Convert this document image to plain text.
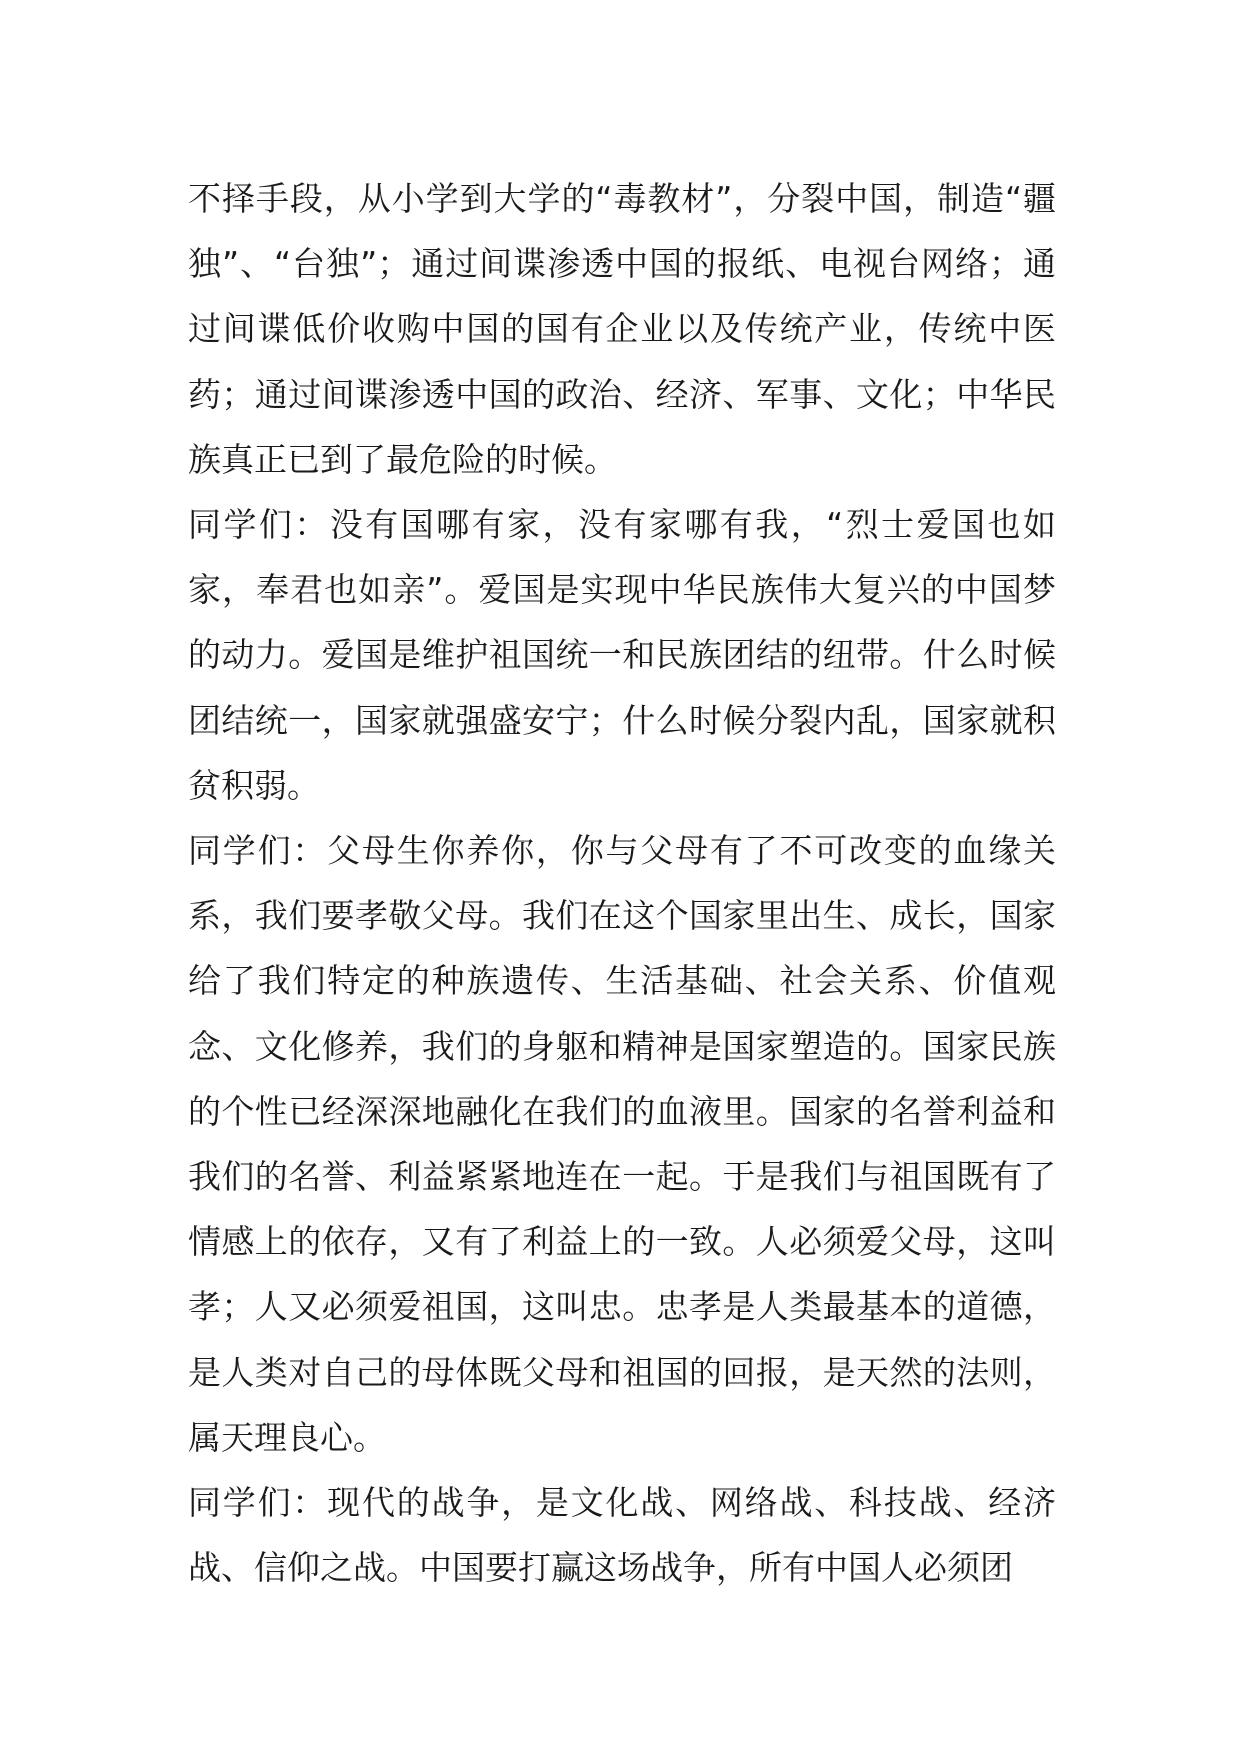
不择手段，从小学到大学的“毒教材”，分裂中国，制造“疆独”、“台独”；通过间谍渗透中国的报纸、电视台网络；通过间谍低价收购中国的国有企业以及传统产业，传统中医药；通过间谍渗透中国的政治、经济、军事、文化；中华民族真正已到了最危险的时候。

同学们：没有国哪有家，没有家哪有我，“烈士爱国也如家，奉君也如亲”。爱国是实现中华民族伟大复兴的中国梦的动力。爱国是维护祖国统一和民族团结的纽带。什么时候团结统一，国家就强盛安宁；什么时候分裂内乱，国家就积贫积弱。

同学们：父母生你养你，你与父母有了不可改变的血缘关系，我们要孝敬父母。我们在这个国家里出生、成长，国家给了我们特定的种族遗传、生活基础、社会关系、价值观念、文化修养，我们的身躯和精神是国家塑造的。国家民族的个性已经深深地融化在我们的血液里。国家的名誉利益和我们的名誉、利益紧紧地连在一起。于是我们与祖国既有了情感上的依存，又有了利益上的一致。人必须爱父母，这叫孝；人又必须爱祖国，这叫忠。忠孝是人类最基本的道德，是人类对自己的母体既父母和祖国的回报，是天然的法则，属天理良心。

同学们：现代的战争，是文化战、网络战、科技战、经济战、信仰之战。中国要打赢这场战争，所有中国人必须团
